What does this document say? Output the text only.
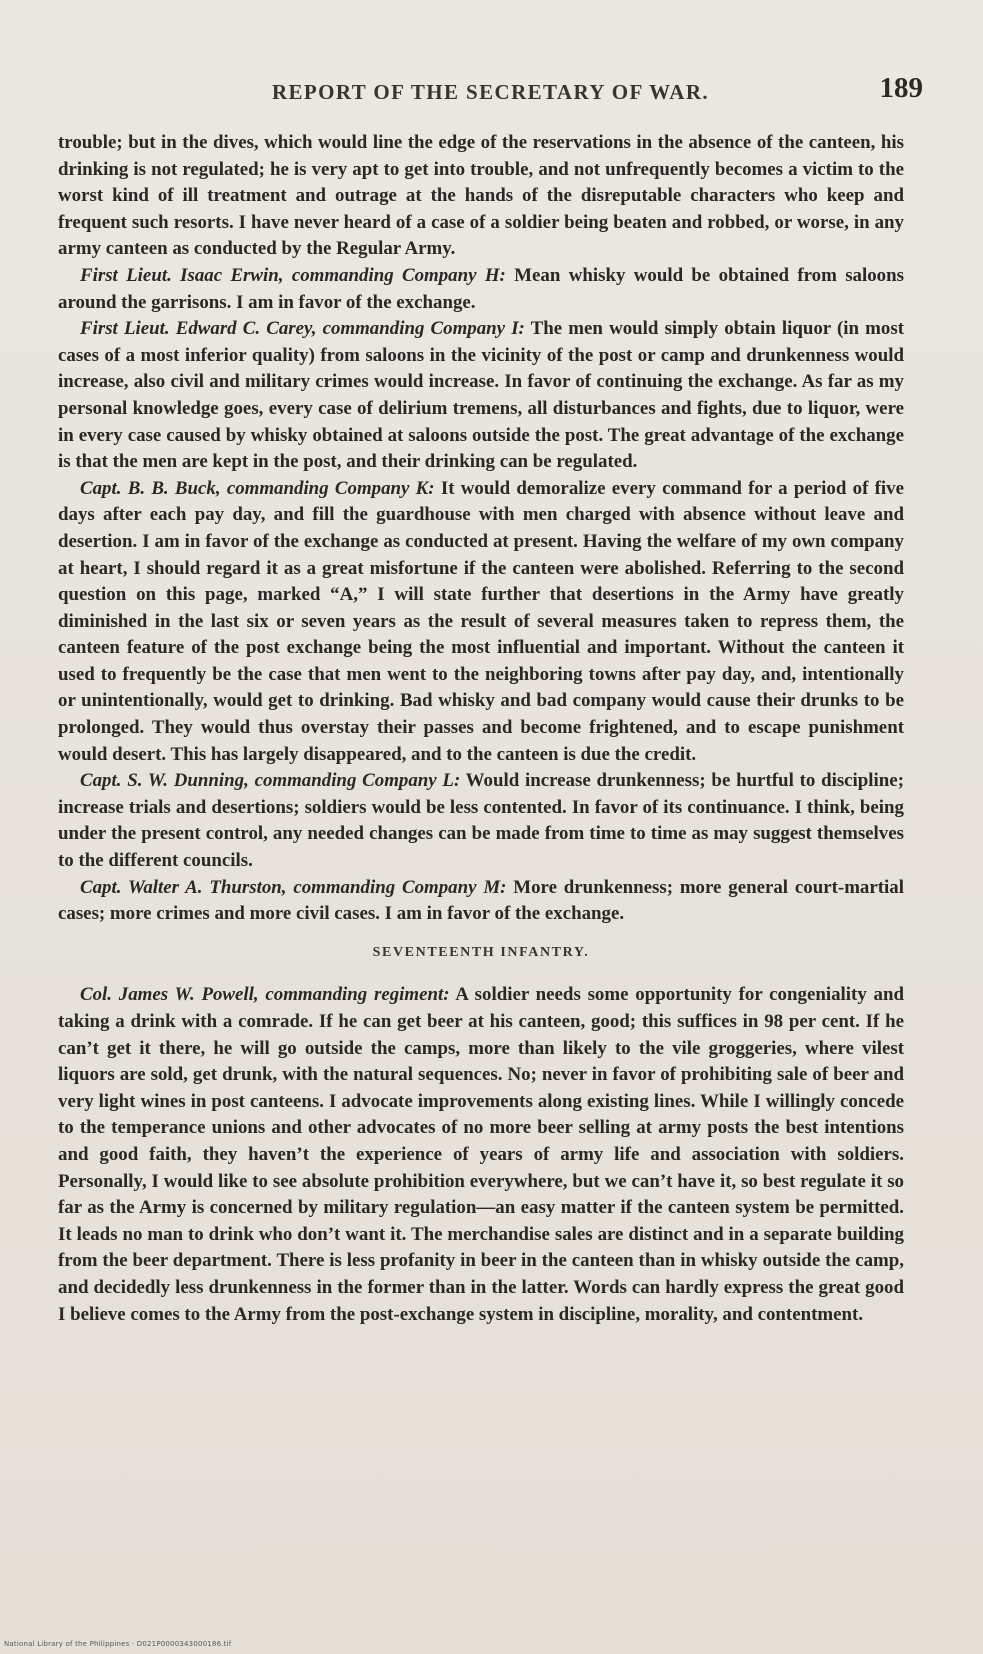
REPORT OF THE SECRETARY OF WAR.	189

trouble; but in the dives, which would line the edge of the reservations in the absence of the canteen, his drinking is not regulated; he is very apt to get into trouble, and not unfrequently becomes a victim to the worst kind of ill treatment and outrage at the hands of the disreputable characters who keep and frequent such resorts. I have never heard of a case of a soldier being beaten and robbed, or worse, in any army canteen as conducted by the Regular Army.

First Lieut. Isaac Erwin, commanding Company H: Mean whisky would be obtained from saloons around the garrisons. I am in favor of the exchange.

First Lieut. Edward C. Carey, commanding Company I: The men would simply obtain liquor (in most cases of a most inferior quality) from saloons in the vicinity of the post or camp and drunkenness would increase, also civil and military crimes would increase. In favor of continuing the exchange. As far as my personal knowledge goes, every case of delirium tremens, all disturbances and fights, due to liquor, were in every case caused by whisky obtained at saloons outside the post. The great advantage of the exchange is that the men are kept in the post, and their drinking can be regulated.

Capt. B. B. Buck, commanding Company K: It would demoralize every command for a period of five days after each pay day, and fill the guardhouse with men charged with absence without leave and desertion. I am in favor of the exchange as conducted at present. Having the welfare of my own company at heart, I should regard it as a great misfortune if the canteen were abolished. Referring to the second question on this page, marked “A,” I will state further that desertions in the Army have greatly diminished in the last six or seven years as the result of several measures taken to repress them, the canteen feature of the post exchange being the most influential and important. Without the canteen it used to frequently be the case that men went to the neighboring towns after pay day, and, intentionally or unintentionally, would get to drinking. Bad whisky and bad company would cause their drunks to be prolonged. They would thus overstay their passes and become frightened, and to escape punishment would desert. This has largely disappeared, and to the canteen is due the credit.

Capt. S. W. Dunning, commanding Company L: Would increase drunkenness; be hurtful to discipline; increase trials and desertions; soldiers would be less contented. In favor of its continuance. I think, being under the present control, any needed changes can be made from time to time as may suggest themselves to the different councils.

Capt. Walter A. Thurston, commanding Company M: More drunkenness; more general court-martial cases; more crimes and more civil cases. I am in favor of the exchange.

SEVENTEENTH INFANTRY.

Col. James W. Powell, commanding regiment: A soldier needs some opportunity for congeniality and taking a drink with a comrade. If he can get beer at his canteen, good; this suffices in 98 per cent. If he can’t get it there, he will go outside the camps, more than likely to the vile groggeries, where vilest liquors are sold, get drunk, with the natural sequences. No; never in favor of prohibiting sale of beer and very light wines in post canteens. I advocate improvements along existing lines. While I willingly concede to the temperance unions and other advocates of no more beer selling at army posts the best intentions and good faith, they haven’t the experience of years of army life and association with soldiers. Personally, I would like to see absolute prohibition everywhere, but we can’t have it, so best regulate it so far as the Army is concerned by military regulation—an easy matter if the canteen system be permitted. It leads no man to drink who don’t want it. The merchandise sales are distinct and in a separate building from the beer department. There is less profanity in beer in the canteen than in whisky outside the camp, and decidedly less drunkenness in the former than in the latter. Words can hardly express the great good I believe comes to the Army from the post-exchange system in discipline, morality, and contentment.

National Library of the Philippines · D021P0000343000186.tif
